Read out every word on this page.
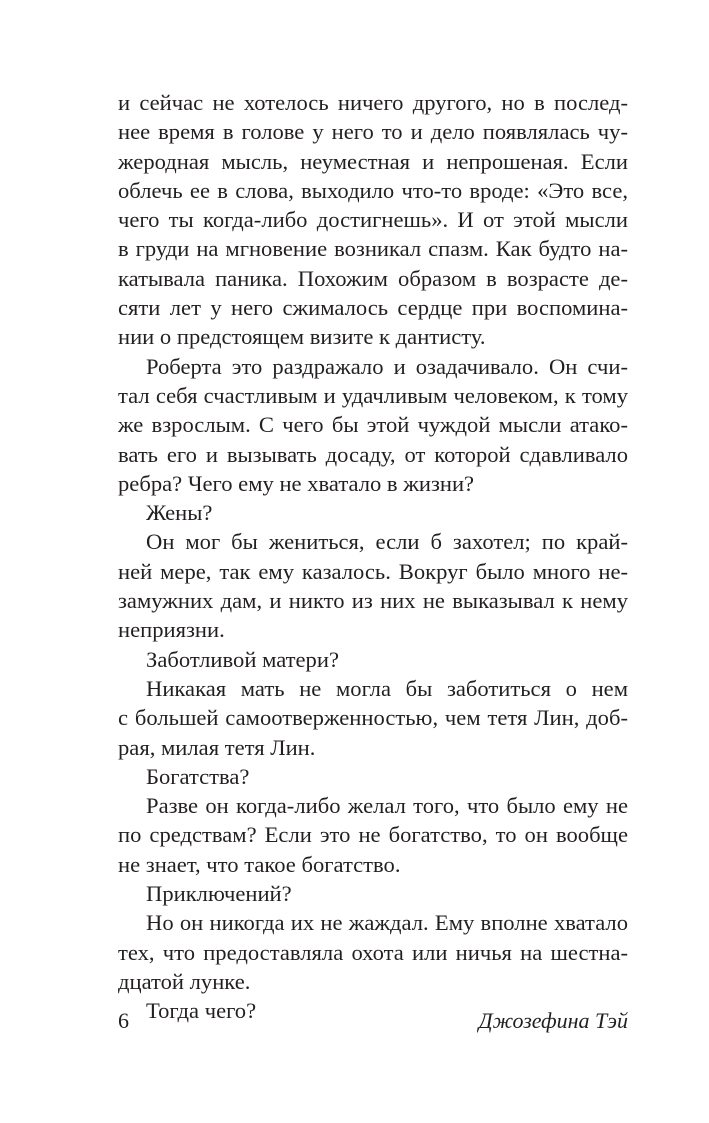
и сейчас не хотелось ничего другого, но в послед-
нее время в голове у него то и дело появлялась чу-
жеродная мысль, неуместная и непрошеная. Если
облечь ее в слова, выходило что-то вроде: «Это все,
чего ты когда-либо достигнешь». И от этой мысли
в груди на мгновение возникал спазм. Как будто на-
катывала паника. Похожим образом в возрасте де-
сяти лет у него сжималось сердце при воспомина-
нии о предстоящем визите к дантисту.
Роберта это раздражало и озадачивало. Он счи-
тал себя счастливым и удачливым человеком, к тому
же взрослым. С чего бы этой чуждой мысли атако-
вать его и вызывать досаду, от которой сдавливало
ребра? Чего ему не хватало в жизни?
Жены?
Он мог бы жениться, если б захотел; по край-
ней мере, так ему казалось. Вокруг было много не-
замужних дам, и никто из них не выказывал к нему
неприязни.
Заботливой матери?
Никакая мать не могла бы заботиться о нем
с большей самоотверженностью, чем тетя Лин, доб-
рая, милая тетя Лин.
Богатства?
Разве он когда-либо желал того, что было ему не
по средствам? Если это не богатство, то он вообще
не знает, что такое богатство.
Приключений?
Но он никогда их не жаждал. Ему вполне хватало
тех, что предоставляла охота или ничья на шестна-
дцатой лунке.
Тогда чего?
6	Джозефина Тэй
